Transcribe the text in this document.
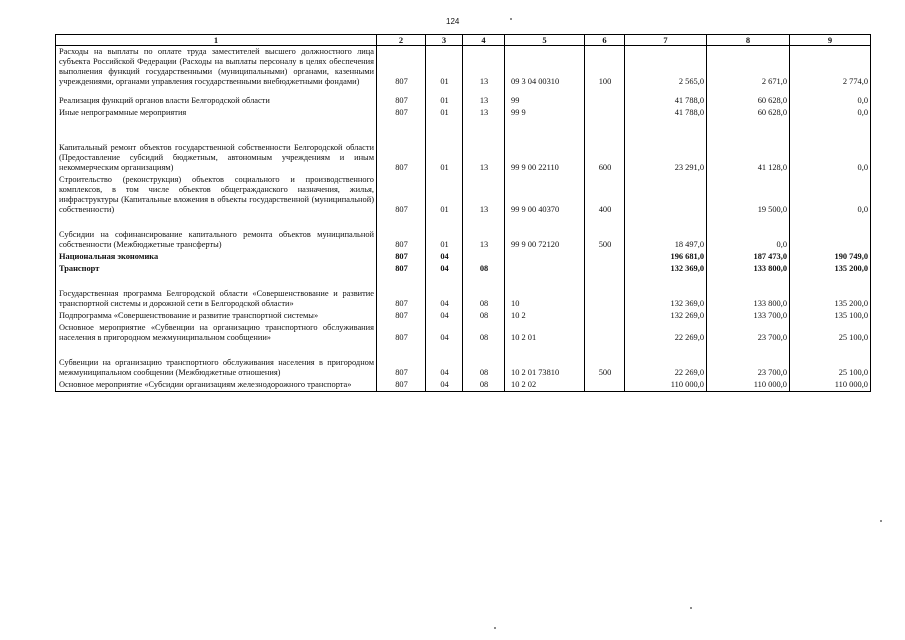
124
1	2	3	4	5	6	7	8	9
Расходы на выплаты по оплате труда заместителей высшего должностного лица субъекта Российской Федерации (Расходы на выплаты персоналу в целях обеспечения выполнения функций государственными (муниципальными) органами, казенными учреждениями, органами управления государственными внебюджетными фондами)	807	01	13	09 3 04 00310	100	2 565,0	2 671,0	2 774,0
Реализация функций органов власти Белгородской области	807	01	13	99		41 788,0	60 628,0	0,0
Иные непрограммные мероприятия	807	01	13	99 9		41 788,0	60 628,0	0,0
Капитальный ремонт объектов государственной собственности Белгородской области (Предоставление субсидий бюджетным, автономным учреждениям и иным некоммерческим организациям)	807	01	13	99 9 00 22110	600	23 291,0	41 128,0	0,0
Строительство (реконструкция) объектов социального и производственного комплексов, в том числе объектов общегражданского назначения, жилья, инфраструктуры (Капитальные вложения в объекты государственной (муниципальной) собственности)	807	01	13	99 9 00 40370	400		19 500,0	0,0
Субсидии на софинансирование капитального ремонта объектов муниципальной собственности (Межбюджетные трансферты)	807	01	13	99 9 00 72120	500	18 497,0	0,0	
Национальная экономика	807	04				196 681,0	187 473,0	190 749,0
Транспорт	807	04	08			132 369,0	133 800,0	135 200,0
Государственная программа Белгородской области «Совершенствование и развитие транспортной системы и дорожной сети в Белгородской области»	807	04	08	10		132 369,0	133 800,0	135 200,0
Подпрограмма «Совершенствование и развитие транспортной системы»	807	04	08	10 2		132 269,0	133 700,0	135 100,0
Основное мероприятие «Субвенции на организацию транспортного обслуживания населения в пригородном межмуниципальном сообщении»	807	04	08	10 2 01		22 269,0	23 700,0	25 100,0
Субвенции на организацию транспортного обслуживания населения в пригородном межмуниципальном сообщении (Межбюджетные отношения)	807	04	08	10 2 01 73810	500	22 269,0	23 700,0	25 100,0
Основное мероприятие «Субсидии организациям железнодорожного транспорта»	807	04	08	10 2 02		110 000,0	110 000,0	110 000,0
